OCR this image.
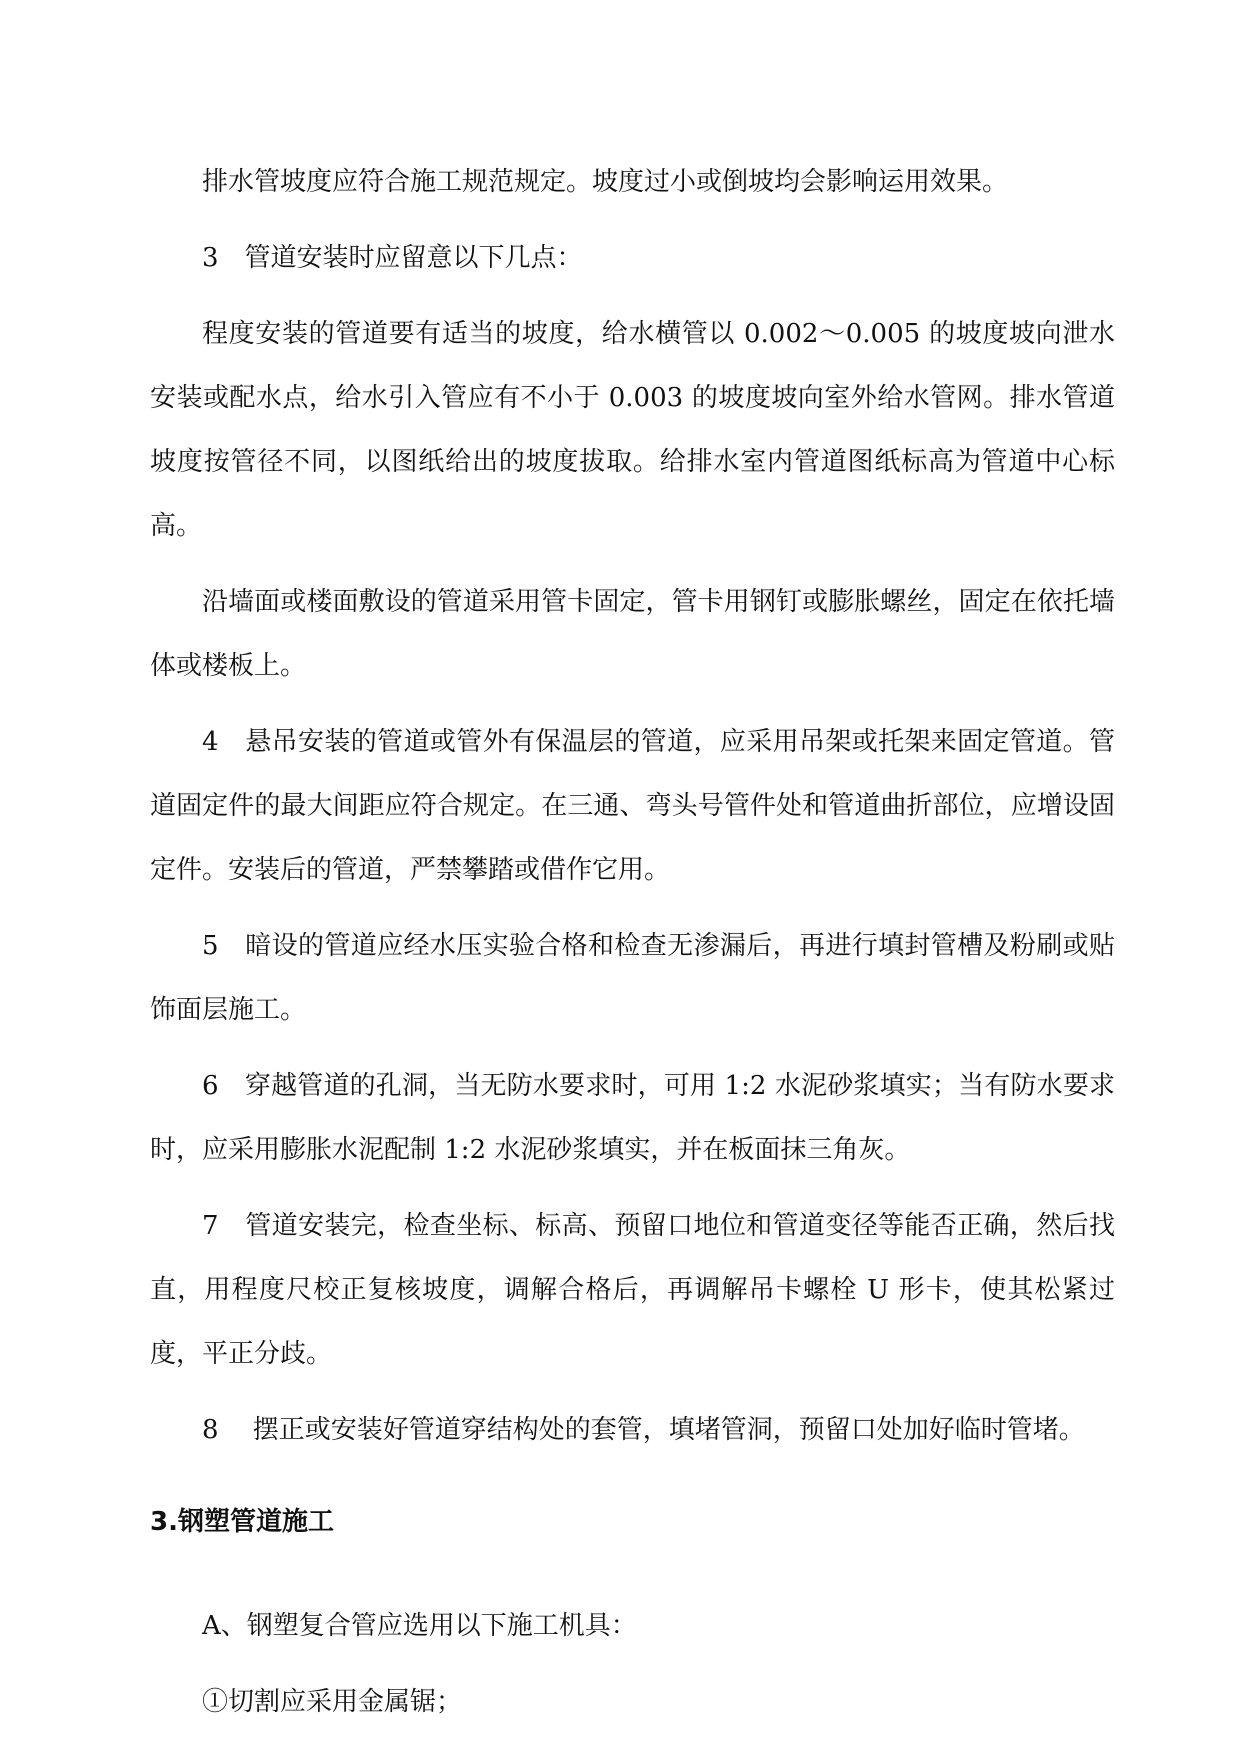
排水管坡度应符合施工规范规定。坡度过小或倒坡均会影响运用效果。

3　管道安装时应留意以下几点：

程度安装的管道要有适当的坡度，给水横管以 0.002～0.005 的坡度坡向泄水安装或配水点，给水引入管应有不小于 0.003 的坡度坡向室外给水管网。排水管道坡度按管径不同，以图纸给出的坡度拔取。给排水室内管道图纸标高为管道中心标高。

沿墙面或楼面敷设的管道采用管卡固定，管卡用钢钉或膨胀螺丝，固定在依托墙体或楼板上。

4　悬吊安装的管道或管外有保温层的管道，应采用吊架或托架来固定管道。管道固定件的最大间距应符合规定。在三通、弯头号管件处和管道曲折部位，应增设固定件。安装后的管道，严禁攀踏或借作它用。

5　暗设的管道应经水压实验合格和检查无渗漏后，再进行填封管槽及粉刷或贴饰面层施工。

6　穿越管道的孔洞，当无防水要求时，可用 1:2 水泥砂浆填实；当有防水要求时，应采用膨胀水泥配制 1:2 水泥砂浆填实，并在板面抹三角灰。

7　管道安装完，检查坐标、标高、预留口地位和管道变径等能否正确，然后找直，用程度尺校正复核坡度，调解合格后，再调解吊卡螺栓 U 形卡，使其松紧过度，平正分歧。

8　 摆正或安装好管道穿结构处的套管，填堵管洞，预留口处加好临时管堵。

3.钢塑管道施工

A、钢塑复合管应选用以下施工机具：

①切割应采用金属锯；
